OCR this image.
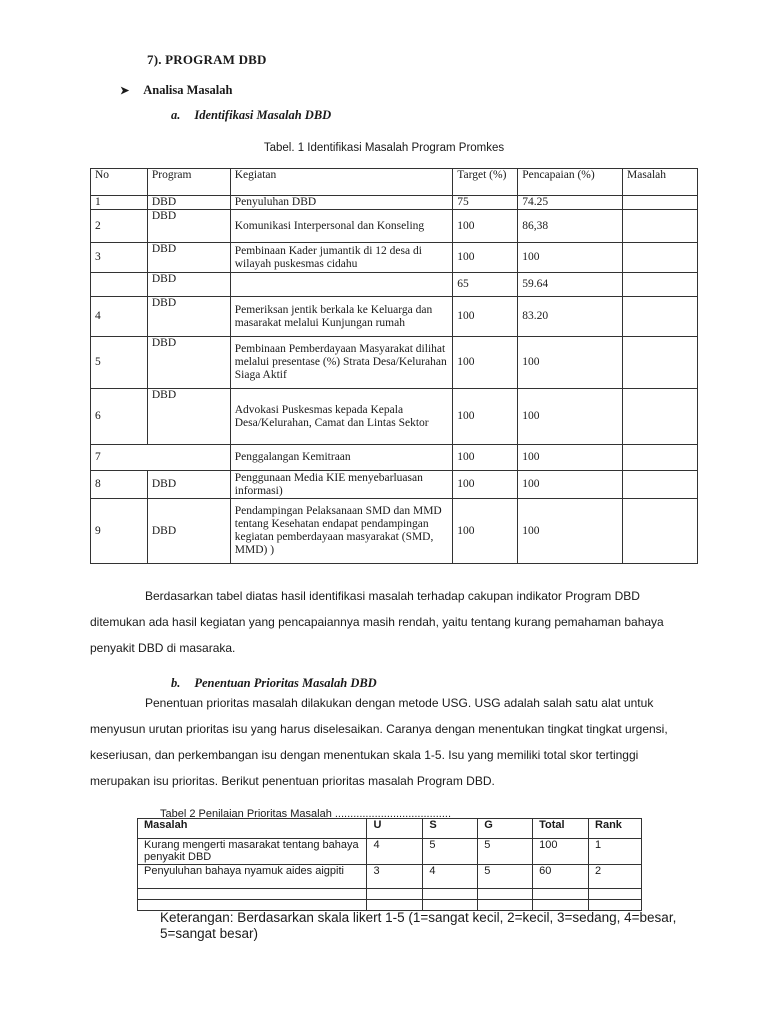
7). PROGRAM DBD
➤ Analisa Masalah
a. Identifikasi Masalah DBD
Tabel. 1 Identifikasi Masalah Program Promkes
No	Program	Kegiatan	Target (%)	Pencapaian (%)	Masalah
1	DBD	Penyuluhan DBD	75	74.25	
2	DBD	Komunikasi Interpersonal dan Konseling	100	86,38	
3	DBD	Pembinaan Kader jumantik di 12 desa di wilayah puskesmas cidahu	100	100	
	DBD		65	59.64	
4	DBD	Pemeriksan jentik berkala ke Keluarga dan masarakat melalui Kunjungan rumah	100	83.20	
5	DBD	Pembinaan Pemberdayaan Masyarakat dilihat melalui presentase (%) Strata Desa/Kelurahan Siaga Aktif	100	100	
6	DBD	Advokasi Puskesmas kepada Kepala Desa/Kelurahan, Camat dan Lintas Sektor	100	100	
7		Penggalangan Kemitraan	100	100	
8	DBD	Penggunaan Media KIE menyebarluasan informasi)	100	100	
9	DBD	Pendampingan Pelaksanaan SMD dan MMD tentang Kesehatan endapat pendampingan kegiatan pemberdayaan masyarakat (SMD, MMD) )	100	100	
Berdasarkan tabel diatas hasil identifikasi masalah terhadap cakupan indikator Program DBD ditemukan ada hasil kegiatan yang pencapaiannya masih rendah, yaitu tentang kurang pemahaman bahaya penyakit DBD di masaraka.
b. Penentuan Prioritas Masalah DBD
Penentuan prioritas masalah dilakukan dengan metode USG. USG adalah salah satu alat untuk menyusun urutan prioritas isu yang harus diselesaikan. Caranya dengan menentukan tingkat tingkat urgensi, keseriusan, dan perkembangan isu dengan menentukan skala 1-5. Isu yang memiliki total skor tertinggi merupakan isu prioritas. Berikut penentuan prioritas masalah Program DBD.
Tabel 2 Penilaian Prioritas Masalah ......................................
Masalah	U	S	G	Total	Rank
Kurang mengerti masarakat tentang bahaya penyakit DBD	4	5	5	100	1
Penyuluhan bahaya nyamuk aides aigpiti	3	4	5	60	2

Keterangan: Berdasarkan skala likert 1-5 (1=sangat kecil, 2=kecil, 3=sedang, 4=besar, 5=sangat besar)
